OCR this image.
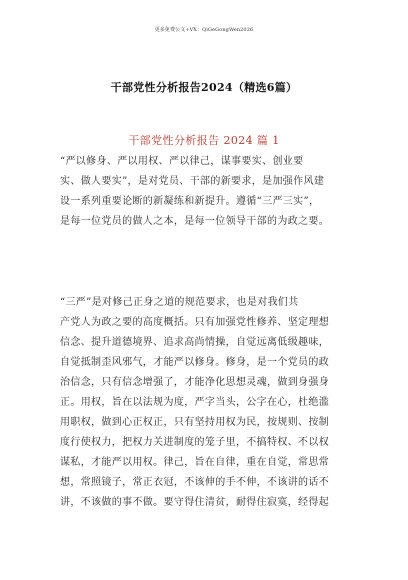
更多免费公文+VX：QiGeGongWen2026
干部党性分析报告2024（精选6篇）
干部党性分析报告 2024 篇 1
“严以修身、严以用权、严以律己，谋事要实、创业要
实、做人要实”，是对党员、干部的新要求，是加强作风建
设一系列重要论断的新凝练和新提升。遵循“三严三实”，
是每一位党员的做人之本，是每一位领导干部的为政之要。
“三严”是对修己正身之道的规范要求，也是对我们共
产党人为政之要的高度概括。只有加强党性修养、坚定理想
信念、提升道德境界、追求高尚情操，自觉远离低级趣味，
自觉抵制歪风邪气，才能严以修身。修身，是一个党员的政
治信念，只有信念增强了，才能净化思想灵魂，做到身强身
正。用权，旨在以法规为度，严字当头，公字在心，杜绝滥
用职权，做到心正权正，只有坚持用权为民，按规则、按制
度行使权力，把权力关进制度的笼子里，不搞特权、不以权
谋私，才能严以用权。律己，旨在自律，重在自觉，常思常
想，常照镜子，常正衣冠，不该伸的手不伸，不该讲的话不
讲，不该做的事不做。要守得住清贫，耐得住寂寞，经得起
